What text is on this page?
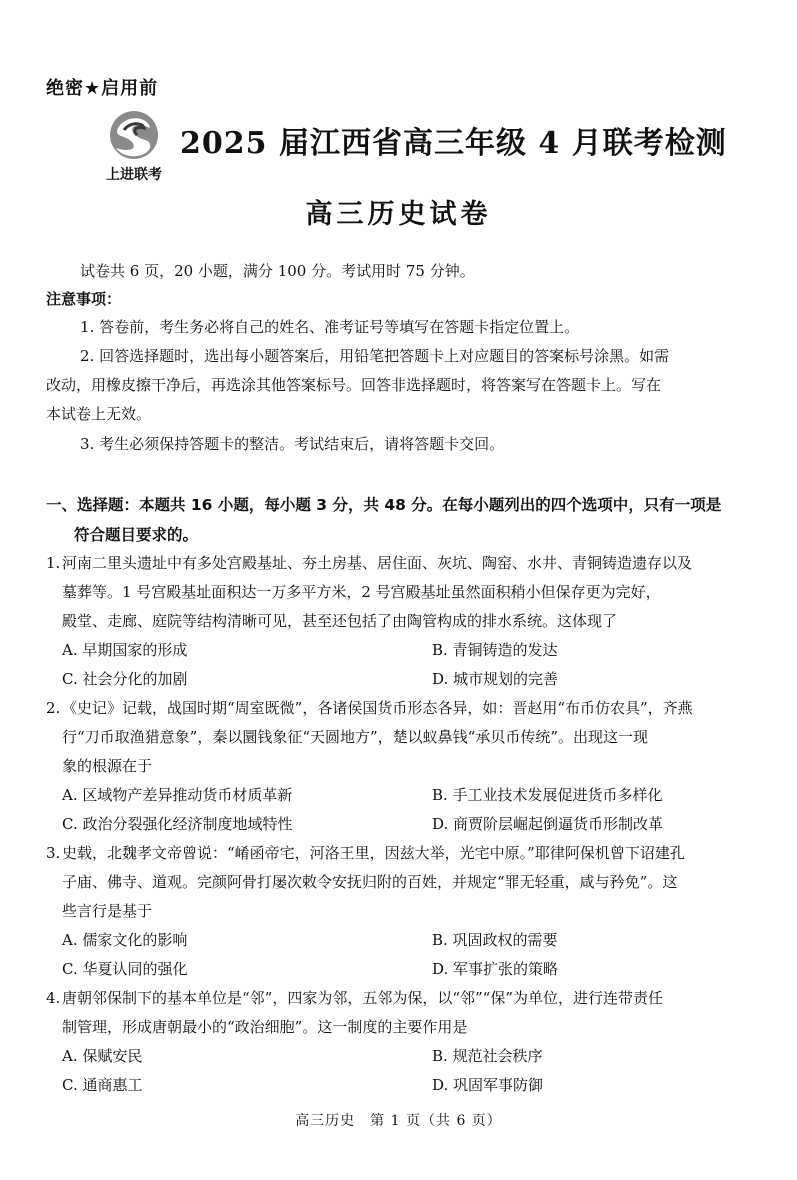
绝密★启用前
上进联考
2025 届江西省高三年级 4 月联考检测
高三历史试卷
试卷共 6 页，20 小题，满分 100 分。考试用时 75 分钟。
注意事项：
1. 答卷前，考生务必将自己的姓名、准考证号等填写在答题卡指定位置上。
2. 回答选择题时，选出每小题答案后，用铅笔把答题卡上对应题目的答案标号涂黑。如需
改动，用橡皮擦干净后，再选涂其他答案标号。回答非选择题时，将答案写在答题卡上。写在
本试卷上无效。
3. 考生必须保持答题卡的整洁。考试结束后，请将答题卡交回。
一、选择题：本题共 16 小题，每小题 3 分，共 48 分。在每小题列出的四个选项中，只有一项是
符合题目要求的。
1. 河南二里头遗址中有多处宫殿基址、夯土房基、居住面、灰坑、陶窑、水井、青铜铸造遗存以及
墓葬等。1 号宫殿基址面积达一万多平方米，2 号宫殿基址虽然面积稍小但保存更为完好，
殿堂、走廊、庭院等结构清晰可见，甚至还包括了由陶管构成的排水系统。这体现了
A. 早期国家的形成	B. 青铜铸造的发达
C. 社会分化的加剧	D. 城市规划的完善
2. 《史记》记载，战国时期“周室既微”，各诸侯国货币形态各异，如：晋赵用“布币仿农具”，齐燕
行“刀币取渔猎意象”，秦以圜钱象征“天圆地方”，楚以蚁鼻钱“承贝币传统”。出现这一现
象的根源在于
A. 区域物产差异推动货币材质革新	B. 手工业技术发展促进货币多样化
C. 政治分裂强化经济制度地域特性	D. 商贾阶层崛起倒逼货币形制改革
3. 史载，北魏孝文帝曾说：“崤函帝宅，河洛王里，因兹大举，光宅中原。”耶律阿保机曾下诏建孔
子庙、佛寺、道观。完颜阿骨打屡次敕令安抚归附的百姓，并规定“罪无轻重，咸与矜免”。这
些言行是基于
A. 儒家文化的影响	B. 巩固政权的需要
C. 华夏认同的强化	D. 军事扩张的策略
4. 唐朝邻保制下的基本单位是“邻”，四家为邻，五邻为保，以“邻”“保”为单位，进行连带责任
制管理，形成唐朝最小的“政治细胞”。这一制度的主要作用是
A. 保赋安民	B. 规范社会秩序
C. 通商惠工	D. 巩固军事防御
高三历史　第 1 页（共 6 页）
